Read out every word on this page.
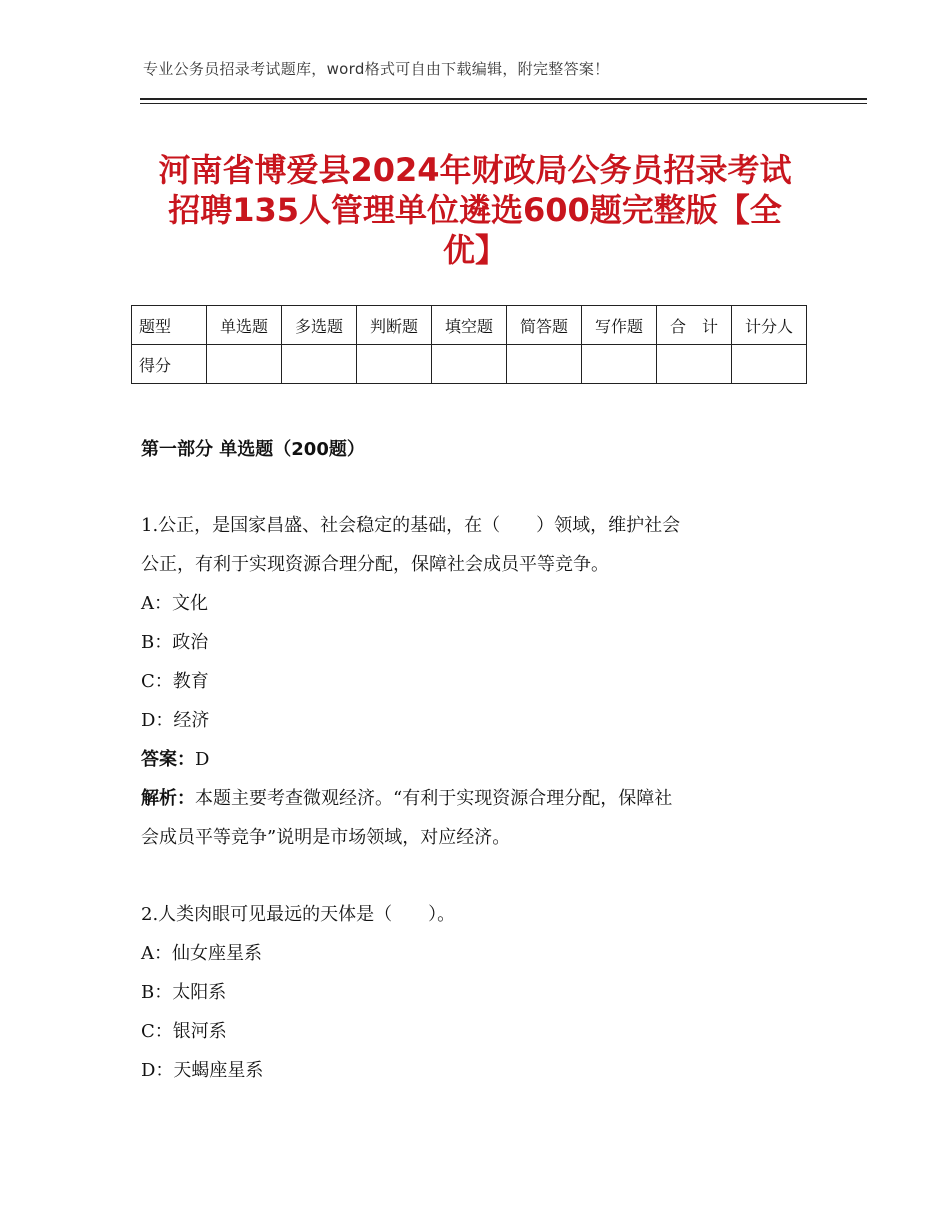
专业公务员招录考试题库，word格式可自由下载编辑，附完整答案！
河南省博爱县2024年财政局公务员招录考试
招聘135人管理单位遴选600题完整版【全
优】
题型	单选题	多选题	判断题	填空题	简答题	写作题	合　计	计分人
得分								
第一部分 单选题（200题）
1.公正，是国家昌盛、社会稳定的基础，在（　　）领域，维护社会
公正，有利于实现资源合理分配，保障社会成员平等竞争。
A：文化
B：政治
C：教育
D：经济
答案：D
解析：本题主要考查微观经济。“有利于实现资源合理分配，保障社
会成员平等竞争”说明是市场领域，对应经济。
2.人类肉眼可见最远的天体是（　　）。
A：仙女座星系
B：太阳系
C：银河系
D：天蝎座星系
